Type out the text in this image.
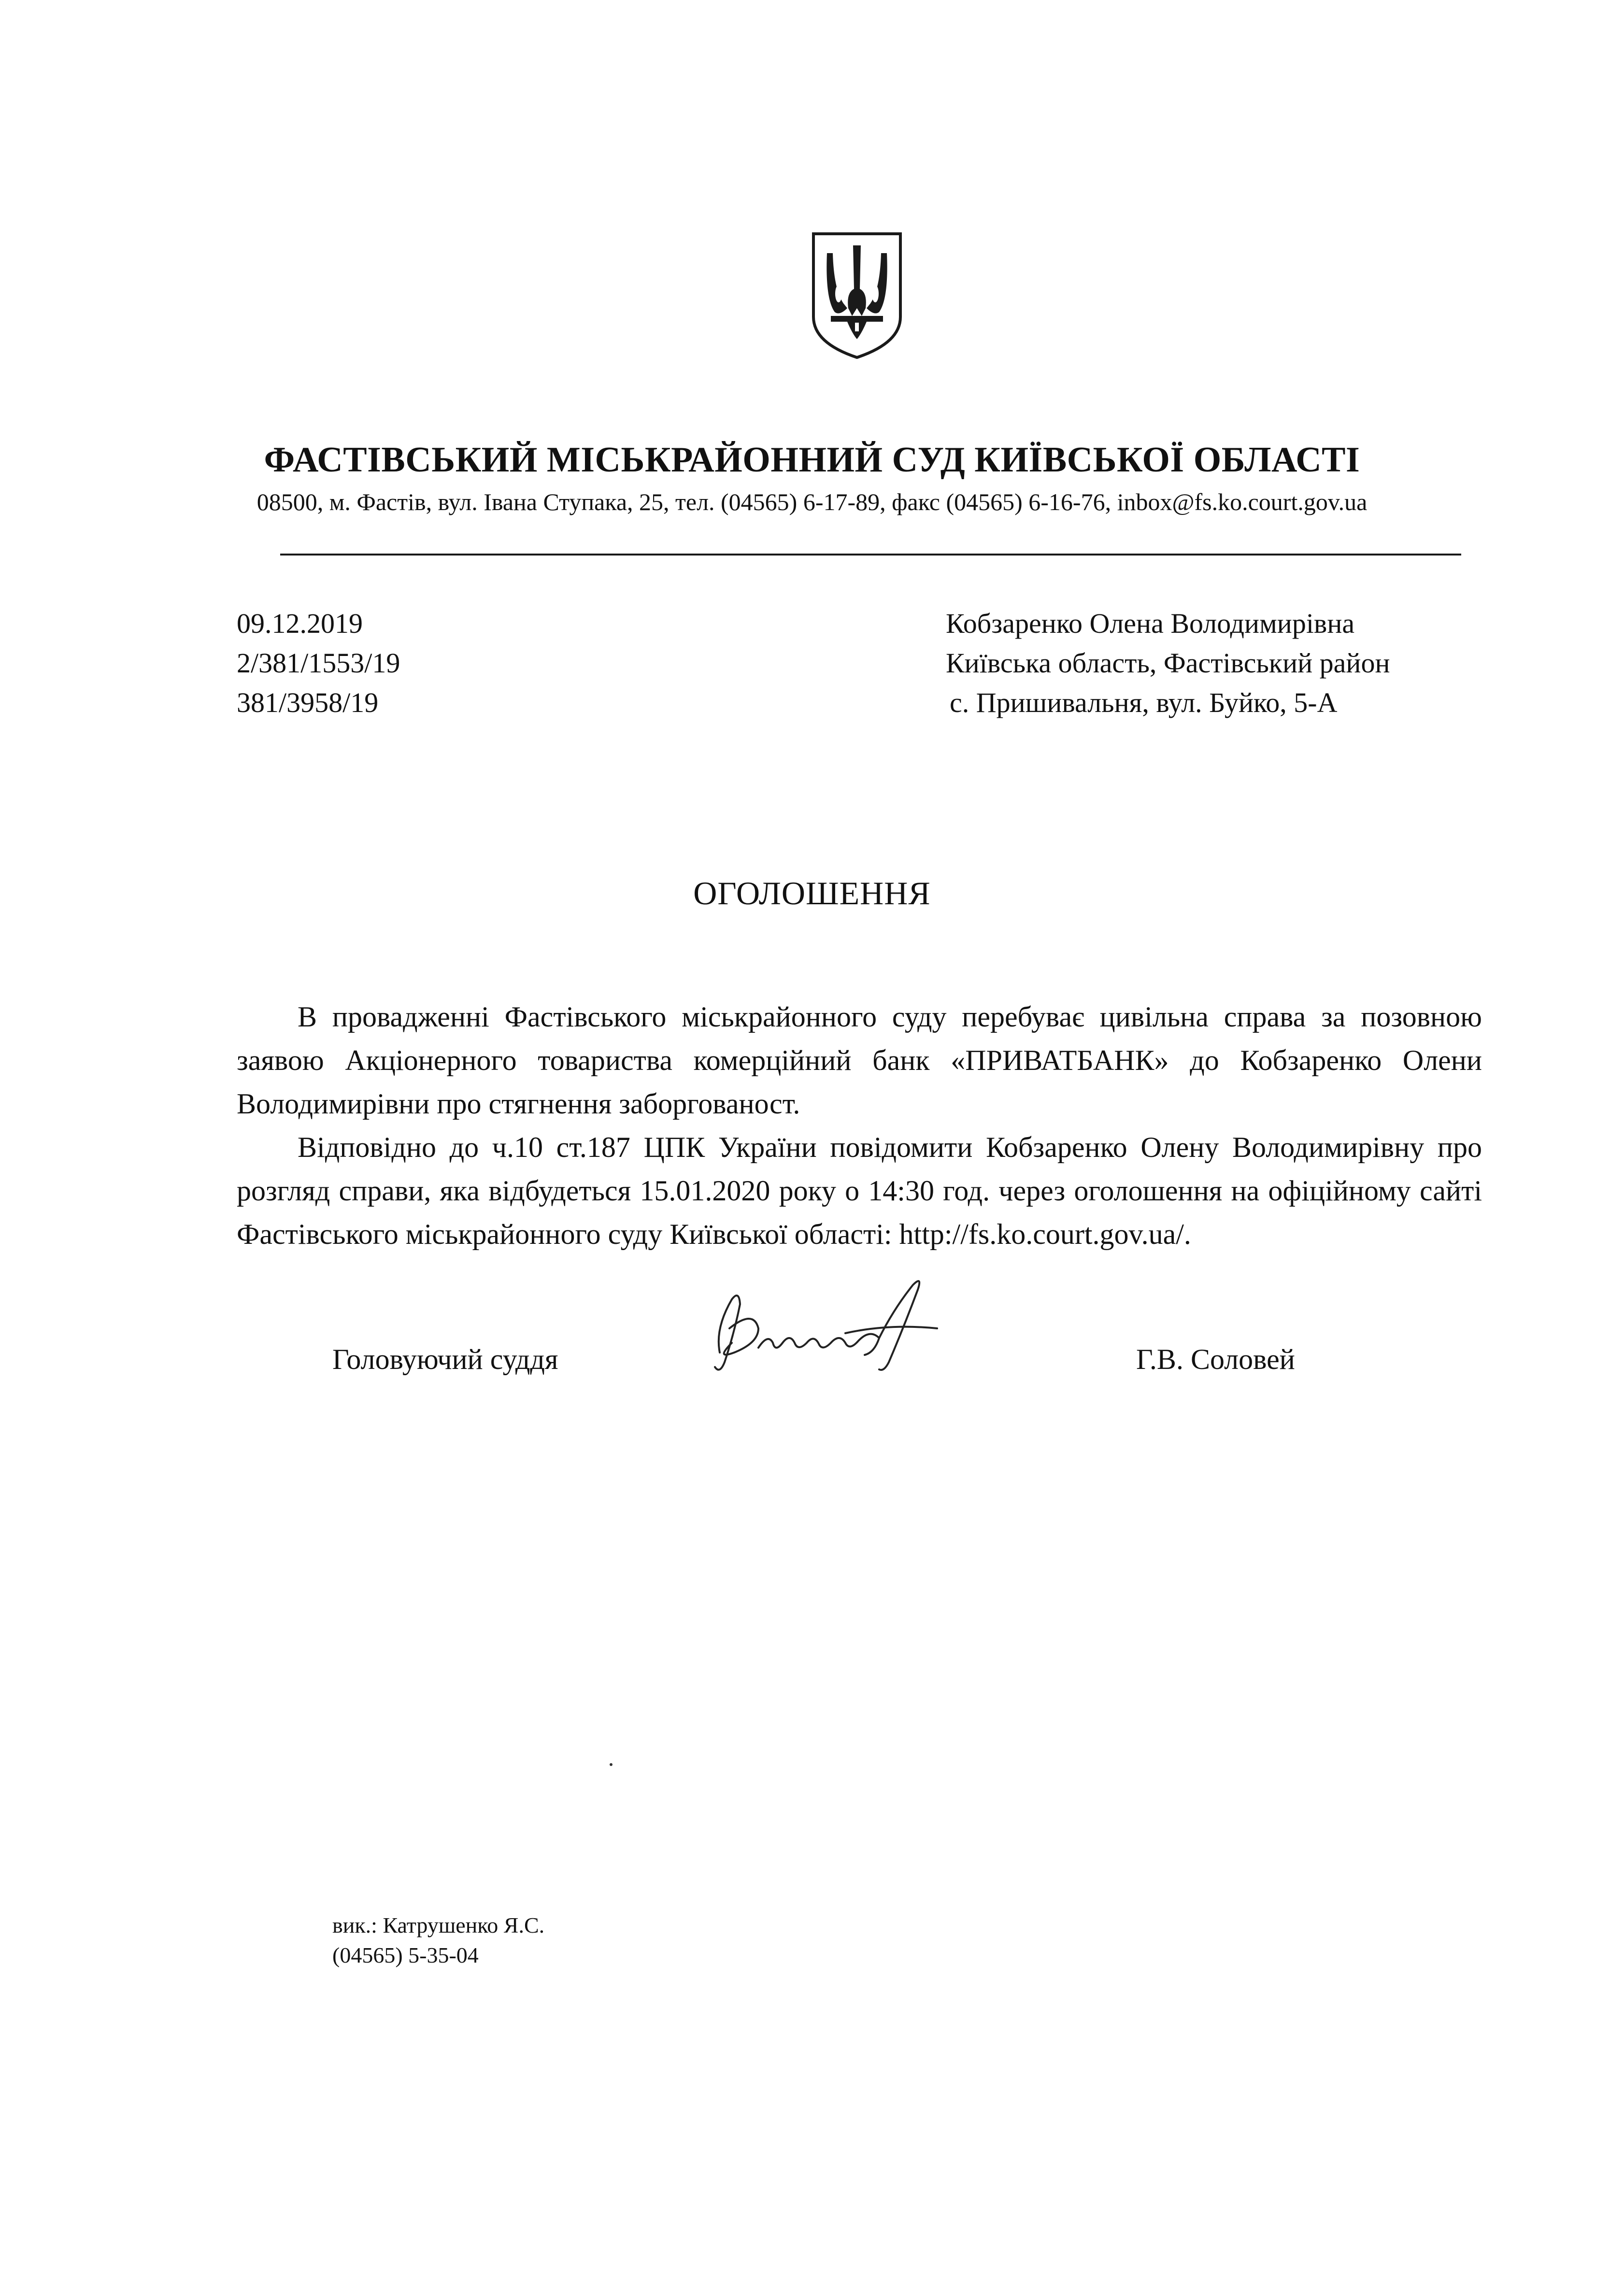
ФАСТІВСЬКИЙ МІСЬКРАЙОННИЙ СУД КИЇВСЬКОЇ ОБЛАСТІ
08500, м. Фастів, вул. Івана Ступака, 25, тел. (04565) 6-17-89, факс (04565) 6-16-76, inbox@fs.ko.court.gov.ua
09.12.2019
2/381/1553/19
381/3958/19
Кобзаренко Олена Володимирівна
Київська область, Фастівський район
с. Пришивальня, вул. Буйко, 5-А
ОГОЛОШЕННЯ

В провадженні Фастівського міськрайонного суду перебуває цивільна справа за позовною заявою Акціонерного товариства комерційний банк «ПРИВАТБАНК» до Кобзаренко Олени Володимирівни про стягнення заборгованост.

Відповідно до ч.10 ст.187 ЦПК України повідомити Кобзаренко Олену Володимирівну про розгляд справи, яка відбудеться 15.01.2020 року о 14:30 год. через оголошення на офіційному сайті Фастівського міськрайонного суду Київської області: http://fs.ko.court.gov.ua/.

Головуючий суддя	Г.В. Соловей
вик.: Катрушенко Я.С.
(04565) 5-35-04
